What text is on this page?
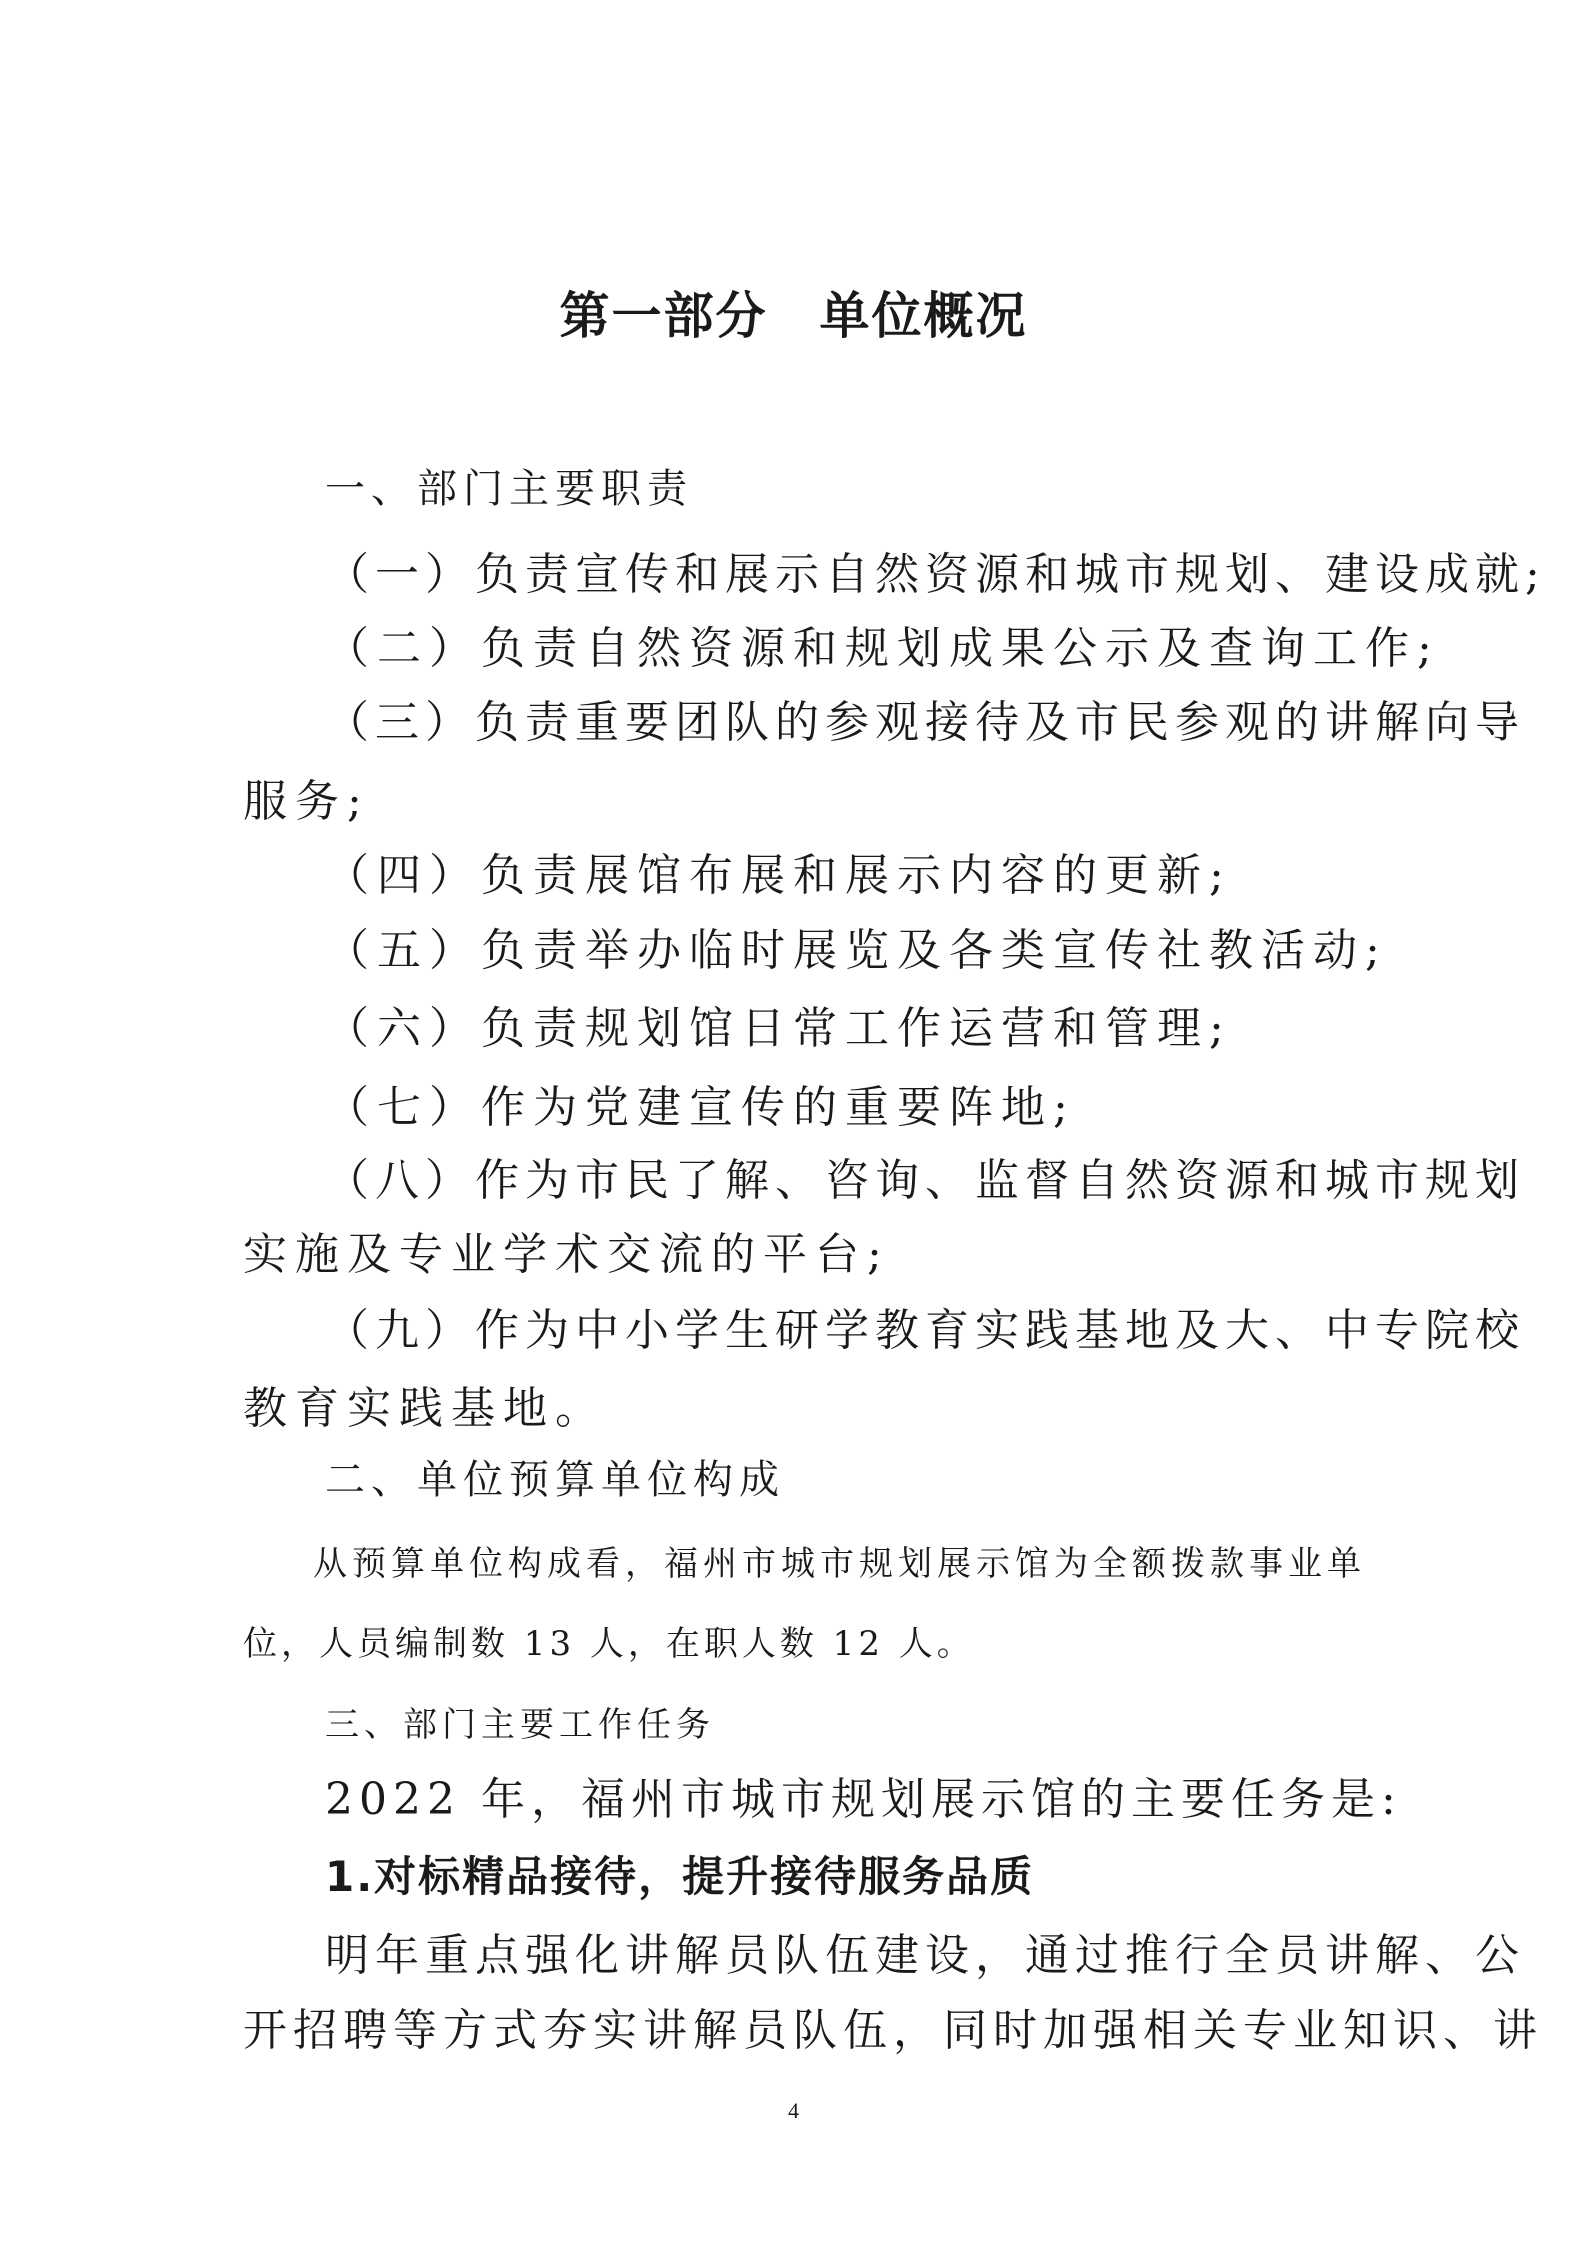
第一部分　单位概况
一、部门主要职责
（一）负责宣传和展示自然资源和城市规划、建设成就;
（二）负责自然资源和规划成果公示及查询工作;
（三）负责重要团队的参观接待及市民参观的讲解向导
服务;
（四）负责展馆布展和展示内容的更新;
（五）负责举办临时展览及各类宣传社教活动;
（六）负责规划馆日常工作运营和管理;
（七）作为党建宣传的重要阵地;
（八）作为市民了解、咨询、监督自然资源和城市规划
实施及专业学术交流的平台;
（九）作为中小学生研学教育实践基地及大、中专院校
教育实践基地。
二、单位预算单位构成
从预算单位构成看，福州市城市规划展示馆为全额拨款事业单
位，人员编制数 13 人，在职人数 12 人。
三、部门主要工作任务
2022 年，福州市城市规划展示馆的主要任务是:
1.对标精品接待，提升接待服务品质
明年重点强化讲解员队伍建设，通过推行全员讲解、公
开招聘等方式夯实讲解员队伍，同时加强相关专业知识、讲
4
